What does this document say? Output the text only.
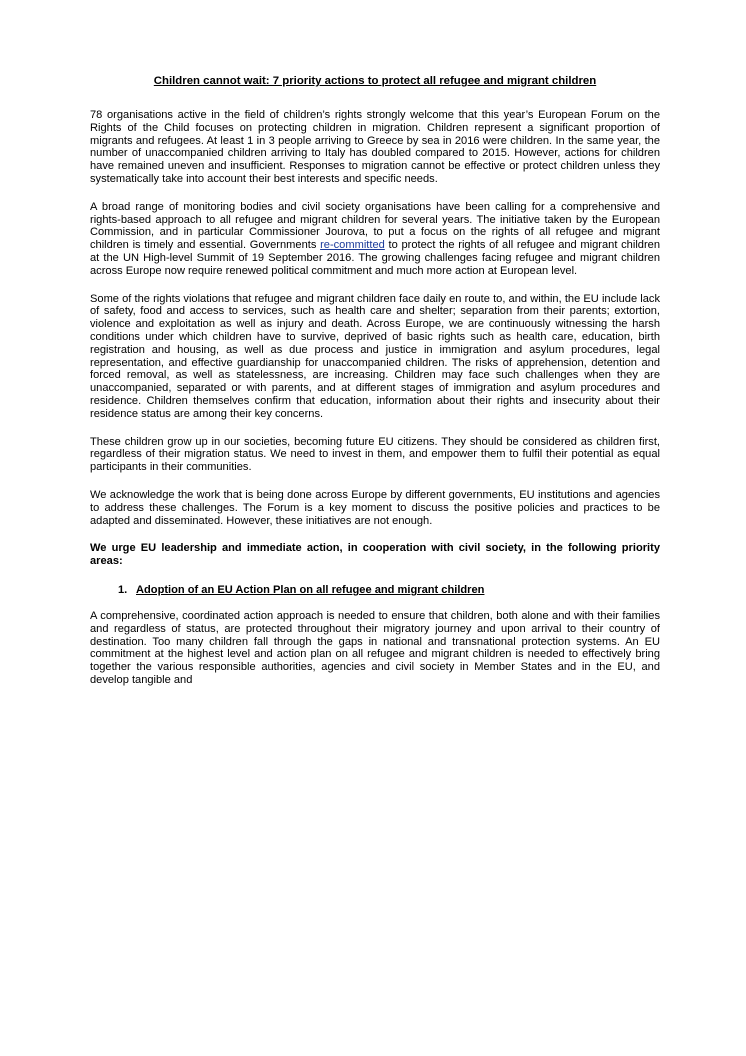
Children cannot wait: 7 priority actions to protect all refugee and migrant children

78 organisations active in the field of children’s rights strongly welcome that this year’s European Forum on the Rights of the Child focuses on protecting children in migration. Children represent a significant proportion of migrants and refugees. At least 1 in 3 people arriving to Greece by sea in 2016 were children. In the same year, the number of unaccompanied children arriving to Italy has doubled compared to 2015. However, actions for children have remained uneven and insufficient. Responses to migration cannot be effective or protect children unless they systematically take into account their best interests and specific needs.

A broad range of monitoring bodies and civil society organisations have been calling for a comprehensive and rights-based approach to all refugee and migrant children for several years. The initiative taken by the European Commission, and in particular Commissioner Jourova, to put a focus on the rights of all refugee and migrant children is timely and essential. Governments re-committed to protect the rights of all refugee and migrant children at the UN High-level Summit of 19 September 2016. The growing challenges facing refugee and migrant children across Europe now require renewed political commitment and much more action at European level.

Some of the rights violations that refugee and migrant children face daily en route to, and within, the EU include lack of safety, food and access to services, such as health care and shelter; separation from their parents; extortion, violence and exploitation as well as injury and death. Across Europe, we are continuously witnessing the harsh conditions under which children have to survive, deprived of basic rights such as health care, education, birth registration and housing, as well as due process and justice in immigration and asylum procedures, legal representation, and effective guardianship for unaccompanied children. The risks of apprehension, detention and forced removal, as well as statelessness, are increasing. Children may face such challenges when they are unaccompanied, separated or with parents, and at different stages of immigration and asylum procedures and residence. Children themselves confirm that education, information about their rights and insecurity about their residence status are among their key concerns.

These children grow up in our societies, becoming future EU citizens. They should be considered as children first, regardless of their migration status. We need to invest in them, and empower them to fulfil their potential as equal participants in their communities.

We acknowledge the work that is being done across Europe by different governments, EU institutions and agencies to address these challenges. The Forum is a key moment to discuss the positive policies and practices to be adapted and disseminated. However, these initiatives are not enough.

We urge EU leadership and immediate action, in cooperation with civil society, in the following priority areas:

1. Adoption of an EU Action Plan on all refugee and migrant children

A comprehensive, coordinated action approach is needed to ensure that children, both alone and with their families and regardless of status, are protected throughout their migratory journey and upon arrival to their country of destination. Too many children fall through the gaps in national and transnational protection systems. An EU commitment at the highest level and action plan on all refugee and migrant children is needed to effectively bring together the various responsible authorities, agencies and civil society in Member States and in the EU, and develop tangible and
